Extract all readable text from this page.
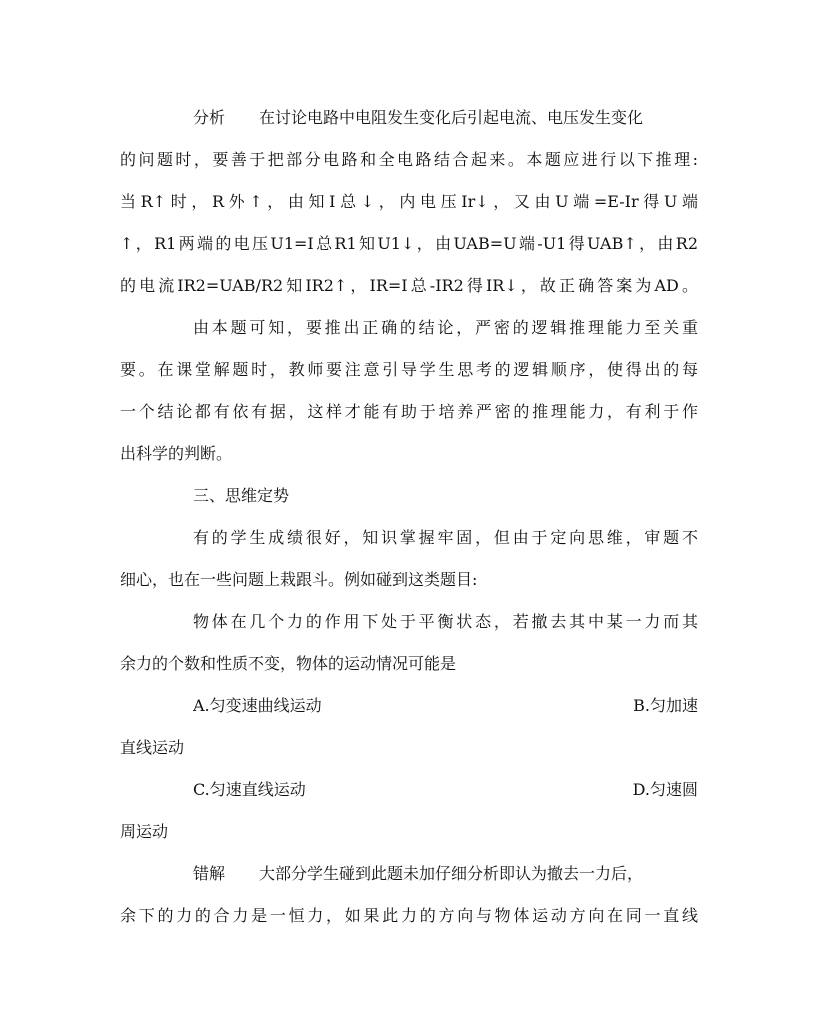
分析 在讨论电路中电阻发生变化后引起电流、电压发生变化
的问题时，要善于把部分电路和全电路结合起来。本题应进行以下推理:
当R↑时，R外↑，由知I总↓，内电压Ir↓，又由U端=E-Ir得U端
↑，R1两端的电压U1=I总R1知U1↓，由UAB=U端-U1得UAB↑，由R2
的电流IR2=UAB/R2知IR2↑，IR=I总-IR2得IR↓，故正确答案为AD。
由本题可知，要推出正确的结论，严密的逻辑推理能力至关重
要。在课堂解题时，教师要注意引导学生思考的逻辑顺序，使得出的每
一个结论都有依有据，这样才能有助于培养严密的推理能力，有利于作
出科学的判断。
三、思维定势
有的学生成绩很好，知识掌握牢固，但由于定向思维，审题不
细心，也在一些问题上栽跟斗。例如碰到这类题目:
物体在几个力的作用下处于平衡状态，若撤去其中某一力而其
余力的个数和性质不变，物体的运动情况可能是
A.匀变速曲线运动	B.匀加速
直线运动
C.匀速直线运动	D.匀速圆
周运动
错解 大部分学生碰到此题未加仔细分析即认为撤去一力后，
余下的力的合力是一恒力，如果此力的方向与物体运动方向在同一直线
